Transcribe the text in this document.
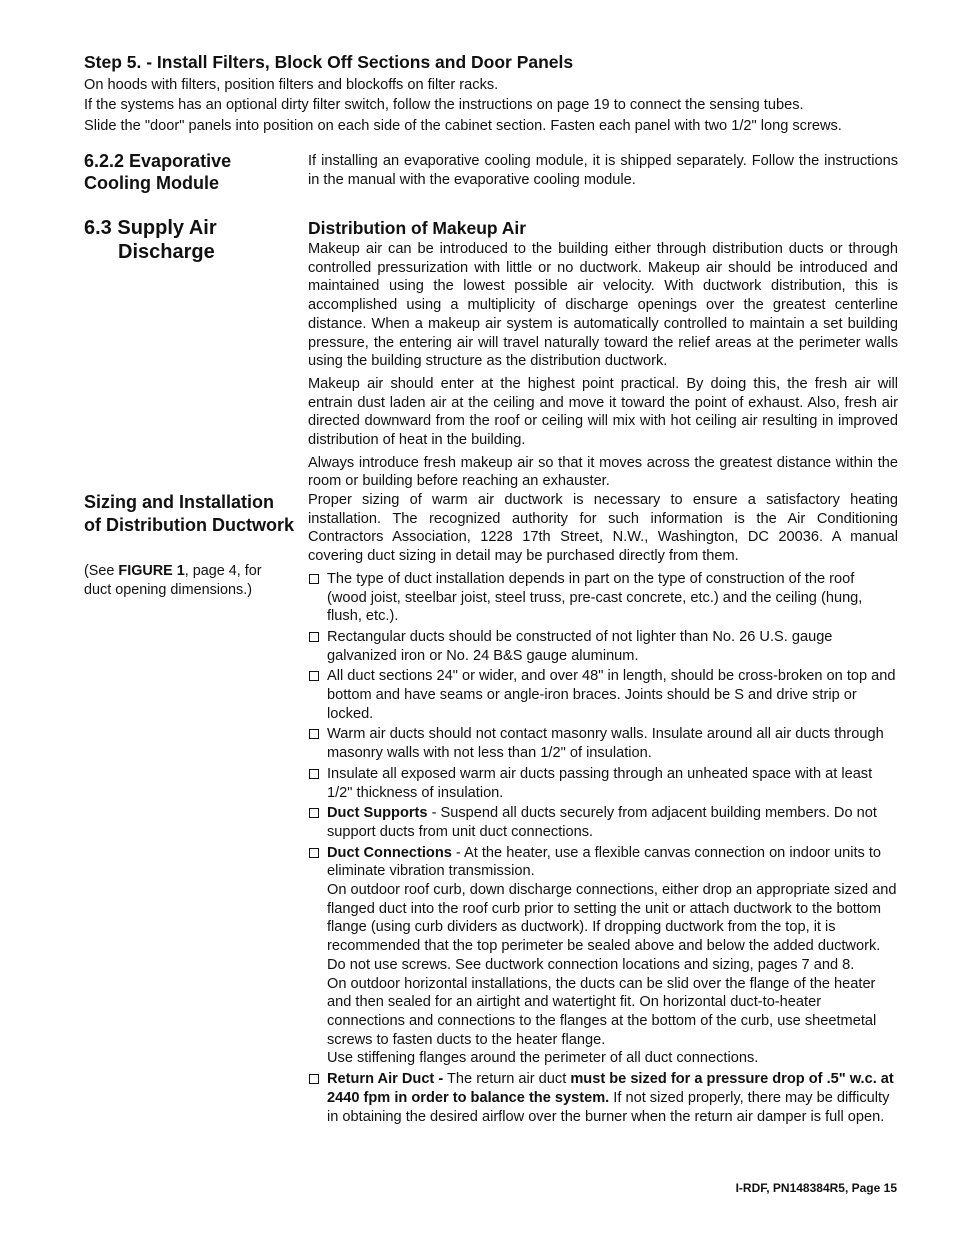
Step 5. - Install Filters, Block Off Sections and Door Panels

On hoods with filters, position filters and blockoffs on filter racks.

If the systems has an optional dirty filter switch, follow the instructions on page 19 to connect the sensing tubes.

Slide the "door" panels into position on each side of the cabinet section. Fasten each panel with two 1/2" long screws.

6.2.2 Evaporative Cooling Module
If installing an evaporative cooling module, it is shipped separately. Follow the instructions in the manual with the evaporative cooling module.
6.3 Supply Air
Discharge
Distribution of Makeup Air

Makeup air can be introduced to the building either through distribution ducts or through controlled pressurization with little or no ductwork. Makeup air should be introduced and maintained using the lowest possible air velocity. With ductwork distribution, this is accomplished using a multiplicity of discharge openings over the greatest centerline distance. When a makeup air system is automatically controlled to maintain a set building pressure, the entering air will travel naturally toward the relief areas at the perimeter walls using the building structure as the distribution ductwork.

Makeup air should enter at the highest point practical. By doing this, the fresh air will entrain dust laden air at the ceiling and move it toward the point of exhaust. Also, fresh air directed downward from the roof or ceiling will mix with hot ceiling air resulting in improved distribution of heat in the building.

Always introduce fresh makeup air so that it moves across the greatest distance within the room or building before reaching an exhauster.

Sizing and Installation of Distribution Ductwork
(See FIGURE 1, page 4, for duct opening dimensions.)

Proper sizing of warm air ductwork is necessary to ensure a satisfactory heating installation. The recognized authority for such information is the Air Conditioning Contractors Association, 1228 17th Street, N.W., Washington, DC 20036. A manual covering duct sizing in detail may be purchased directly from them.

The type of duct installation depends in part on the type of construction of the roof (wood joist, steelbar joist, steel truss, pre-cast concrete, etc.) and the ceiling (hung, flush, etc.).
Rectangular ducts should be constructed of not lighter than No. 26 U.S. gauge galvanized iron or No. 24 B&S gauge aluminum.
All duct sections 24" or wider, and over 48" in length, should be cross-broken on top and bottom and have seams or angle-iron braces. Joints should be S and drive strip or locked.
Warm air ducts should not contact masonry walls. Insulate around all air ducts through masonry walls with not less than 1/2" of insulation.
Insulate all exposed warm air ducts passing through an unheated space with at least 1/2" thickness of insulation.
Duct Supports - Suspend all ducts securely from adjacent building members. Do not support ducts from unit duct connections.
Duct Connections - At the heater, use a flexible canvas connection on indoor units to eliminate vibration transmission.
On outdoor roof curb, down discharge connections, either drop an appropriate sized and flanged duct into the roof curb prior to setting the unit or attach ductwork to the bottom flange (using curb dividers as ductwork). If dropping ductwork from the top, it is recommended that the top perimeter be sealed above and below the added ductwork. Do not use screws. See ductwork connection locations and sizing, pages 7 and 8.
On outdoor horizontal installations, the ducts can be slid over the flange of the heater and then sealed for an airtight and watertight fit. On horizontal duct-to-heater connections and connections to the flanges at the bottom of the curb, use sheetmetal screws to fasten ducts to the heater flange.
Use stiffening flanges around the perimeter of all duct connections.
Return Air Duct - The return air duct must be sized for a pressure drop of .5" w.c. at 2440 fpm in order to balance the system. If not sized properly, there may be difficulty in obtaining the desired airflow over the burner when the return air damper is full open.
I-RDF, PN148384R5, Page 15
